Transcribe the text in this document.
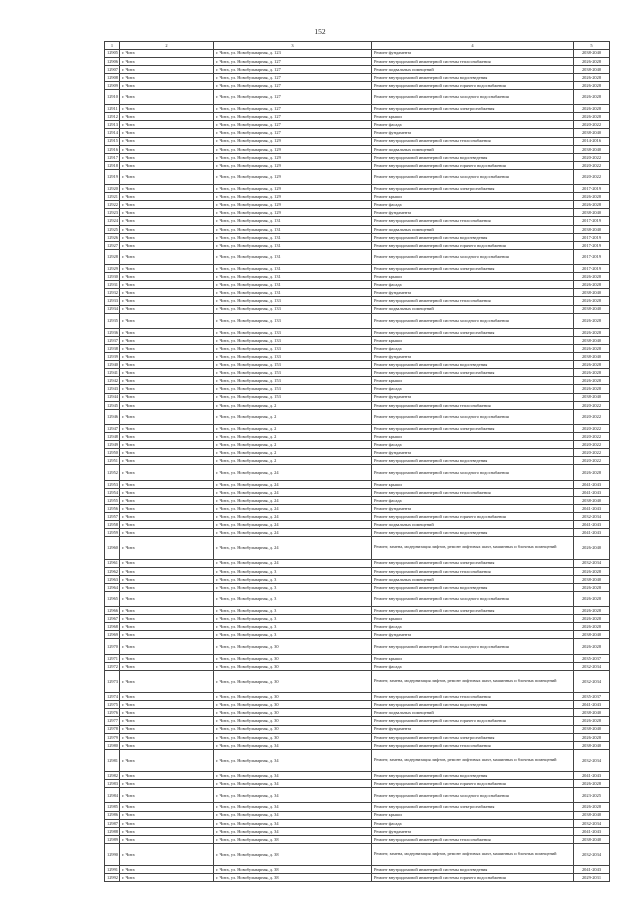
152
1	2	3	4	5
12905	г. Чита	г. Чита, ул. Новобульварная, д. 123	Ремонт фундамента	2038-2040
12906	г. Чита	г. Чита, ул. Новобульварная, д. 127	Ремонт внутридомовой инженерной системы теплоснабжения	2026-2028
12907	г. Чита	г. Чита, ул. Новобульварная, д. 127	Ремонт подвальных помещений	2038-2040
12908	г. Чита	г. Чита, ул. Новобульварная, д. 127	Ремонт внутридомовой инженерной системы водоотведения	2026-2028
12909	г. Чита	г. Чита, ул. Новобульварная, д. 127	Ремонт внутридомовой инженерной системы горячего водоснабжения	2026-2028
12910	г. Чита	г. Чита, ул. Новобульварная, д. 127	Ремонт внутридомовой инженерной системы холодного водоснабжения	2026-2028
12911	г. Чита	г. Чита, ул. Новобульварная, д. 127	Ремонт внутридомовой инженерной системы электроснабжения	2026-2028
12912	г. Чита	г. Чита, ул. Новобульварная, д. 127	Ремонт крыши	2026-2028
12913	г. Чита	г. Чита, ул. Новобульварная, д. 127	Ремонт фасада	2020-2022
12914	г. Чита	г. Чита, ул. Новобульварная, д. 127	Ремонт фундамента	2038-2040
12915	г. Чита	г. Чита, ул. Новобульварная, д. 129	Ремонт внутридомовой инженерной системы теплоснабжения	2014-2016
12916	г. Чита	г. Чита, ул. Новобульварная, д. 129	Ремонт подвальных помещений	2038-2040
12917	г. Чита	г. Чита, ул. Новобульварная, д. 129	Ремонт внутридомовой инженерной системы водоотведения	2020-2022
12918	г. Чита	г. Чита, ул. Новобульварная, д. 129	Ремонт внутридомовой инженерной системы горячего водоснабжения	2020-2022
12919	г. Чита	г. Чита, ул. Новобульварная, д. 129	Ремонт внутридомовой инженерной системы холодного водоснабжения	2020-2022
12920	г. Чита	г. Чита, ул. Новобульварная, д. 129	Ремонт внутридомовой инженерной системы электроснабжения	2017-2019
12921	г. Чита	г. Чита, ул. Новобульварная, д. 129	Ремонт крыши	2026-2028
12922	г. Чита	г. Чита, ул. Новобульварная, д. 129	Ремонт фасада	2026-2028
12923	г. Чита	г. Чита, ул. Новобульварная, д. 129	Ремонт фундамента	2038-2040
12924	г. Чита	г. Чита, ул. Новобульварная, д. 131	Ремонт внутридомовой инженерной системы теплоснабжения	2017-2019
12925	г. Чита	г. Чита, ул. Новобульварная, д. 131	Ремонт подвальных помещений	2038-2040
12926	г. Чита	г. Чита, ул. Новобульварная, д. 131	Ремонт внутридомовой инженерной системы водоотведения	2017-2019
12927	г. Чита	г. Чита, ул. Новобульварная, д. 131	Ремонт внутридомовой инженерной системы горячего водоснабжения	2017-2019
12928	г. Чита	г. Чита, ул. Новобульварная, д. 131	Ремонт внутридомовой инженерной системы холодного водоснабжения	2017-2019
12929	г. Чита	г. Чита, ул. Новобульварная, д. 131	Ремонт внутридомовой инженерной системы электроснабжения	2017-2019
12930	г. Чита	г. Чита, ул. Новобульварная, д. 131	Ремонт крыши	2026-2028
12931	г. Чита	г. Чита, ул. Новобульварная, д. 131	Ремонт фасада	2026-2028
12932	г. Чита	г. Чита, ул. Новобульварная, д. 131	Ремонт фундамента	2038-2040
12933	г. Чита	г. Чита, ул. Новобульварная, д. 133	Ремонт внутридомовой инженерной системы теплоснабжения	2026-2028
12934	г. Чита	г. Чита, ул. Новобульварная, д. 133	Ремонт подвальных помещений	2038-2040
12935	г. Чита	г. Чита, ул. Новобульварная, д. 133	Ремонт внутридомовой инженерной системы холодного водоснабжения	2026-2028
12936	г. Чита	г. Чита, ул. Новобульварная, д. 133	Ремонт внутридомовой инженерной системы электроснабжения	2026-2028
12937	г. Чита	г. Чита, ул. Новобульварная, д. 133	Ремонт крыши	2038-2040
12938	г. Чита	г. Чита, ул. Новобульварная, д. 133	Ремонт фасада	2026-2028
12939	г. Чита	г. Чита, ул. Новобульварная, д. 133	Ремонт фундамента	2038-2040
12940	г. Чита	г. Чита, ул. Новобульварная, д. 153	Ремонт внутридомовой инженерной системы водоотведения	2026-2028
12941	г. Чита	г. Чита, ул. Новобульварная, д. 153	Ремонт внутридомовой инженерной системы электроснабжения	2026-2028
12942	г. Чита	г. Чита, ул. Новобульварная, д. 153	Ремонт крыши	2026-2028
12943	г. Чита	г. Чита, ул. Новобульварная, д. 153	Ремонт фасада	2026-2028
12944	г. Чита	г. Чита, ул. Новобульварная, д. 153	Ремонт фундамента	2038-2040
12945	г. Чита	г. Чита, ул. Новобульварная, д. 2	Ремонт внутридомовой инженерной системы теплоснабжения	2020-2022
12946	г. Чита	г. Чита, ул. Новобульварная, д. 2	Ремонт внутридомовой инженерной системы холодного водоснабжения	2020-2022
12947	г. Чита	г. Чита, ул. Новобульварная, д. 2	Ремонт внутридомовой инженерной системы электроснабжения	2020-2022
12948	г. Чита	г. Чита, ул. Новобульварная, д. 2	Ремонт крыши	2020-2022
12949	г. Чита	г. Чита, ул. Новобульварная, д. 2	Ремонт фасада	2020-2022
12950	г. Чита	г. Чита, ул. Новобульварная, д. 2	Ремонт фундамента	2020-2022
12951	г. Чита	г. Чита, ул. Новобульварная, д. 2	Ремонт внутридомовой инженерной системы водоотведения	2020-2022
12952	г. Чита	г. Чита, ул. Новобульварная, д. 24	Ремонт внутридомовой инженерной системы холодного водоснабжения	2026-2028
12953	г. Чита	г. Чита, ул. Новобульварная, д. 24	Ремонт крыши	2041-2043
12954	г. Чита	г. Чита, ул. Новобульварная, д. 24	Ремонт внутридомовой инженерной системы теплоснабжения	2041-2043
12955	г. Чита	г. Чита, ул. Новобульварная, д. 24	Ремонт фасада	2038-2040
12956	г. Чита	г. Чита, ул. Новобульварная, д. 24	Ремонт фундамента	2041-2043
12957	г. Чита	г. Чита, ул. Новобульварная, д. 24	Ремонт внутридомовой инженерной системы горячего водоснабжения	2032-2034
12958	г. Чита	г. Чита, ул. Новобульварная, д. 24	Ремонт подвальных помещений	2041-2043
12959	г. Чита	г. Чита, ул. Новобульварная, д. 24	Ремонт внутридомовой инженерной системы водоотведения	2041-2043
12960	г. Чита	г. Чита, ул. Новобульварная, д. 24	Ремонт, замена, модернизация лифтов, ремонт лифтовых шахт, машинных и блочных помещений	2026-2040
12961	г. Чита	г. Чита, ул. Новобульварная, д. 24	Ремонт внутридомовой инженерной системы электроснабжения	2032-2034
12962	г. Чита	г. Чита, ул. Новобульварная, д. 3	Ремонт внутридомовой инженерной системы теплоснабжения	2026-2028
12963	г. Чита	г. Чита, ул. Новобульварная, д. 3	Ремонт подвальных помещений	2038-2040
12964	г. Чита	г. Чита, ул. Новобульварная, д. 3	Ремонт внутридомовой инженерной системы водоотведения	2026-2028
12965	г. Чита	г. Чита, ул. Новобульварная, д. 3	Ремонт внутридомовой инженерной системы холодного водоснабжения	2026-2028
12966	г. Чита	г. Чита, ул. Новобульварная, д. 3	Ремонт внутридомовой инженерной системы электроснабжения	2026-2028
12967	г. Чита	г. Чита, ул. Новобульварная, д. 3	Ремонт крыши	2026-2028
12968	г. Чита	г. Чита, ул. Новобульварная, д. 3	Ремонт фасада	2026-2028
12969	г. Чита	г. Чита, ул. Новобульварная, д. 3	Ремонт фундамента	2038-2040
12970	г. Чита	г. Чита, ул. Новобульварная, д. 30	Ремонт внутридомовой инженерной системы холодного водоснабжения	2026-2028
12971	г. Чита	г. Чита, ул. Новобульварная, д. 30	Ремонт крыши	2035-2037
12972	г. Чита	г. Чита, ул. Новобульварная, д. 30	Ремонт фасада	2032-2034
12973	г. Чита	г. Чита, ул. Новобульварная, д. 30	Ремонт, замена, модернизация лифтов, ремонт лифтовых шахт, машинных и блочных помещений	2032-2034
12974	г. Чита	г. Чита, ул. Новобульварная, д. 30	Ремонт внутридомовой инженерной системы теплоснабжения	2035-2037
12975	г. Чита	г. Чита, ул. Новобульварная, д. 30	Ремонт внутридомовой инженерной системы водоотведения	2041-2043
12976	г. Чита	г. Чита, ул. Новобульварная, д. 30	Ремонт подвальных помещений	2038-2040
12977	г. Чита	г. Чита, ул. Новобульварная, д. 30	Ремонт внутридомовой инженерной системы горячего водоснабжения	2026-2028
12978	г. Чита	г. Чита, ул. Новобульварная, д. 30	Ремонт фундамента	2038-2040
12979	г. Чита	г. Чита, ул. Новобульварная, д. 30	Ремонт внутридомовой инженерной системы электроснабжения	2026-2028
12980	г. Чита	г. Чита, ул. Новобульварная, д. 34	Ремонт внутридомовой инженерной системы теплоснабжения	2038-2040
12981	г. Чита	г. Чита, ул. Новобульварная, д. 34	Ремонт, замена, модернизация лифтов, ремонт лифтовых шахт, машинных и блочных помещений	2032-2034
12982	г. Чита	г. Чита, ул. Новобульварная, д. 34	Ремонт внутридомовой инженерной системы водоотведения	2041-2043
12983	г. Чита	г. Чита, ул. Новобульварная, д. 34	Ремонт внутридомовой инженерной системы горячего водоснабжения	2026-2028
12984	г. Чита	г. Чита, ул. Новобульварная, д. 34	Ремонт внутридомовой инженерной системы холодного водоснабжения	2023-2025
12985	г. Чита	г. Чита, ул. Новобульварная, д. 34	Ремонт внутридомовой инженерной системы электроснабжения	2026-2028
12986	г. Чита	г. Чита, ул. Новобульварная, д. 34	Ремонт крыши	2038-2040
12987	г. Чита	г. Чита, ул. Новобульварная, д. 34	Ремонт фасада	2032-2034
12988	г. Чита	г. Чита, ул. Новобульварная, д. 34	Ремонт фундамента	2041-2043
12989	г. Чита	г. Чита, ул. Новобульварная, д. 38	Ремонт внутридомовой инженерной системы теплоснабжения	2038-2040
12990	г. Чита	г. Чита, ул. Новобульварная, д. 38	Ремонт, замена, модернизация лифтов, ремонт лифтовых шахт, машинных и блочных помещений	2032-2034
12991	г. Чита	г. Чита, ул. Новобульварная, д. 38	Ремонт внутридомовой инженерной системы водоотведения	2041-2043
12992	г. Чита	г. Чита, ул. Новобульварная, д. 38	Ремонт внутридомовой инженерной системы горячего водоснабжения	2029-2031
